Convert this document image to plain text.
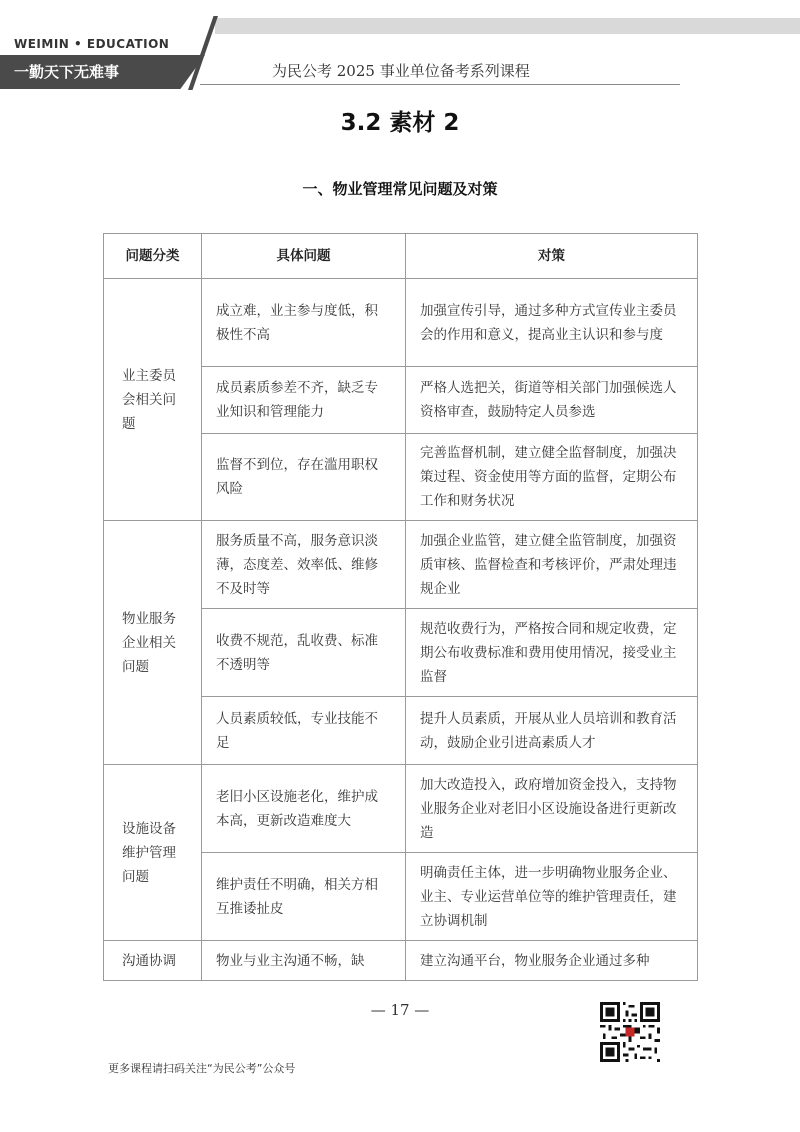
WEIMIN • EDUCATION
一勤天下无难事	为民公考 2025 事业单位备考系列课程
3.2 素材 2
一、物业管理常见问题及对策
问题分类	具体问题	对策
业主委员会相关问题	成立难，业主参与度低，积极性不高	加强宣传引导，通过多种方式宣传业主委员会的作用和意义，提高业主认识和参与度
	成员素质参差不齐，缺乏专业知识和管理能力	严格人选把关，街道等相关部门加强候选人资格审查，鼓励特定人员参选
	监督不到位，存在滥用职权风险	完善监督机制，建立健全监督制度，加强决策过程、资金使用等方面的监督，定期公布工作和财务状况
物业服务企业相关问题	服务质量不高，服务意识淡薄，态度差、效率低、维修不及时等	加强企业监管，建立健全监管制度，加强资质审核、监督检查和考核评价，严肃处理违规企业
	收费不规范，乱收费、标准不透明等	规范收费行为，严格按合同和规定收费，定期公布收费标准和费用使用情况，接受业主监督
	人员素质较低，专业技能不足	提升人员素质，开展从业人员培训和教育活动，鼓励企业引进高素质人才
设施设备维护管理问题	老旧小区设施老化，维护成本高，更新改造难度大	加大改造投入，政府增加资金投入，支持物业服务企业对老旧小区设施设备进行更新改造
	维护责任不明确，相关方相互推诿扯皮	明确责任主体，进一步明确物业服务企业、业主、专业运营单位等的维护管理责任，建立协调机制
沟通协调	物业与业主沟通不畅，缺	建立沟通平台，物业服务企业通过多种
— 17 —
更多课程请扫码关注“为民公考”公众号
